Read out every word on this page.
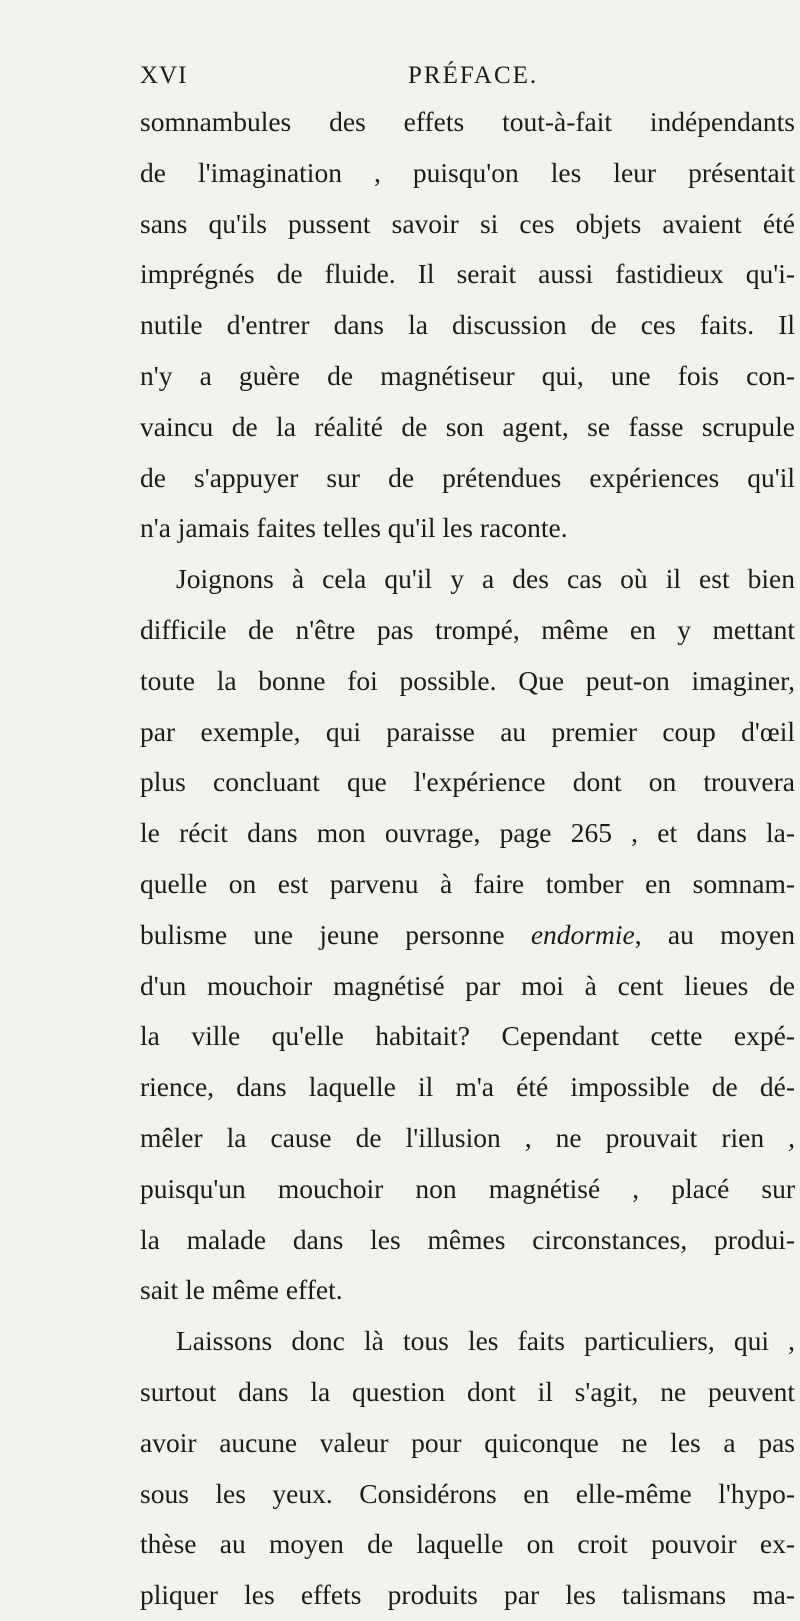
XVI	PRÉFACE.
somnambules des effets tout-à-fait indépendants
de l'imagination , puisqu'on les leur présentait
sans qu'ils pussent savoir si ces objets avaient été
imprégnés de fluide. Il serait aussi fastidieux qu'i-
nutile d'entrer dans la discussion de ces faits. Il
n'y a guère de magnétiseur qui, une fois con-
vaincu de la réalité de son agent, se fasse scrupule
de s'appuyer sur de prétendues expériences qu'il
n'a jamais faites telles qu'il les raconte.
Joignons à cela qu'il y a des cas où il est bien
difficile de n'être pas trompé, même en y mettant
toute la bonne foi possible. Que peut-on imaginer,
par exemple, qui paraisse au premier coup d'œil
plus concluant que l'expérience dont on trouvera
le récit dans mon ouvrage, page 265 , et dans la-
quelle on est parvenu à faire tomber en somnam-
bulisme une jeune personne endormie, au moyen
d'un mouchoir magnétisé par moi à cent lieues de
la ville qu'elle habitait? Cependant cette expé-
rience, dans laquelle il m'a été impossible de dé-
mêler la cause de l'illusion , ne prouvait rien ,
puisqu'un mouchoir non magnétisé , placé sur
la malade dans les mêmes circonstances, produi-
sait le même effet.
Laissons donc là tous les faits particuliers, qui ,
surtout dans la question dont il s'agit, ne peuvent
avoir aucune valeur pour quiconque ne les a pas
sous les yeux. Considérons en elle-même l'hypo-
thèse au moyen de laquelle on croit pouvoir ex-
pliquer les effets produits par les talismans ma-
